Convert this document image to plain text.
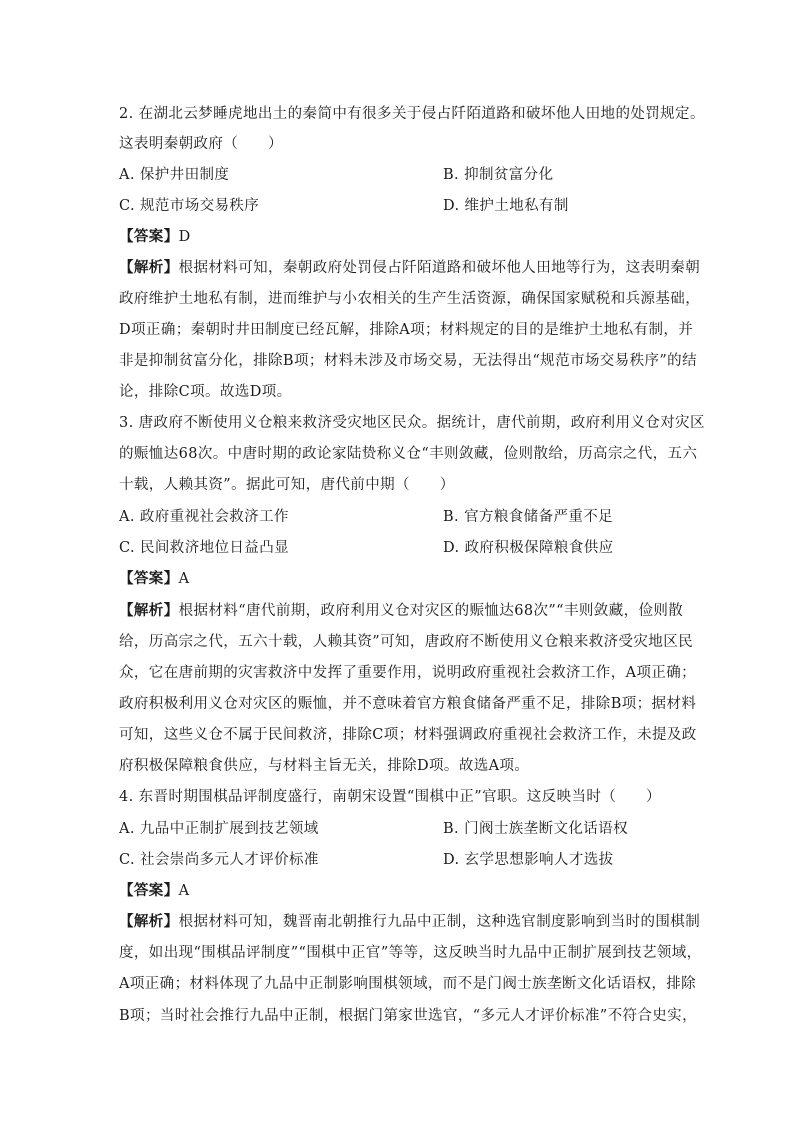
2. 在湖北云梦睡虎地出土的秦简中有很多关于侵占阡陌道路和破坏他人田地的处罚规定。
这表明秦朝政府（　　）
A. 保护井田制度	B. 抑制贫富分化
C. 规范市场交易秩序	D. 维护土地私有制
【答案】D
【解析】根据材料可知，秦朝政府处罚侵占阡陌道路和破坏他人田地等行为，这表明秦朝
政府维护土地私有制，进而维护与小农相关的生产生活资源，确保国家赋税和兵源基础，
D项正确；秦朝时井田制度已经瓦解，排除A项；材料规定的目的是维护土地私有制，并
非是抑制贫富分化，排除B项；材料未涉及市场交易，无法得出“规范市场交易秩序”的结
论，排除C项。故选D项。
3. 唐政府不断使用义仓粮来救济受灾地区民众。据统计，唐代前期，政府利用义仓对灾区
的赈恤达68次。中唐时期的政论家陆贽称义仓“丰则敛藏，俭则散给，历高宗之代，五六
十载，人赖其资”。据此可知，唐代前中期（　　）
A. 政府重视社会救济工作	B. 官方粮食储备严重不足
C. 民间救济地位日益凸显	D. 政府积极保障粮食供应
【答案】A
【解析】根据材料“唐代前期，政府利用义仓对灾区的赈恤达68次”“丰则敛藏，俭则散
给，历高宗之代，五六十载，人赖其资”可知，唐政府不断使用义仓粮来救济受灾地区民
众，它在唐前期的灾害救济中发挥了重要作用，说明政府重视社会救济工作，A项正确；
政府积极利用义仓对灾区的赈恤，并不意味着官方粮食储备严重不足，排除B项；据材料
可知，这些义仓不属于民间救济，排除C项；材料强调政府重视社会救济工作，未提及政
府积极保障粮食供应，与材料主旨无关，排除D项。故选A项。
4. 东晋时期围棋品评制度盛行，南朝宋设置“围棋中正”官职。这反映当时（　　）
A. 九品中正制扩展到技艺领域	B. 门阀士族垄断文化话语权
C. 社会崇尚多元人才评价标准	D. 玄学思想影响人才选拔
【答案】A
【解析】根据材料可知，魏晋南北朝推行九品中正制，这种选官制度影响到当时的围棋制
度，如出现“围棋品评制度”“围棋中正官”等等，这反映当时九品中正制扩展到技艺领域，
A项正确；材料体现了九品中正制影响围棋领域，而不是门阀士族垄断文化话语权，排除
B项；当时社会推行九品中正制，根据门第家世选官，“多元人才评价标准”不符合史实，
